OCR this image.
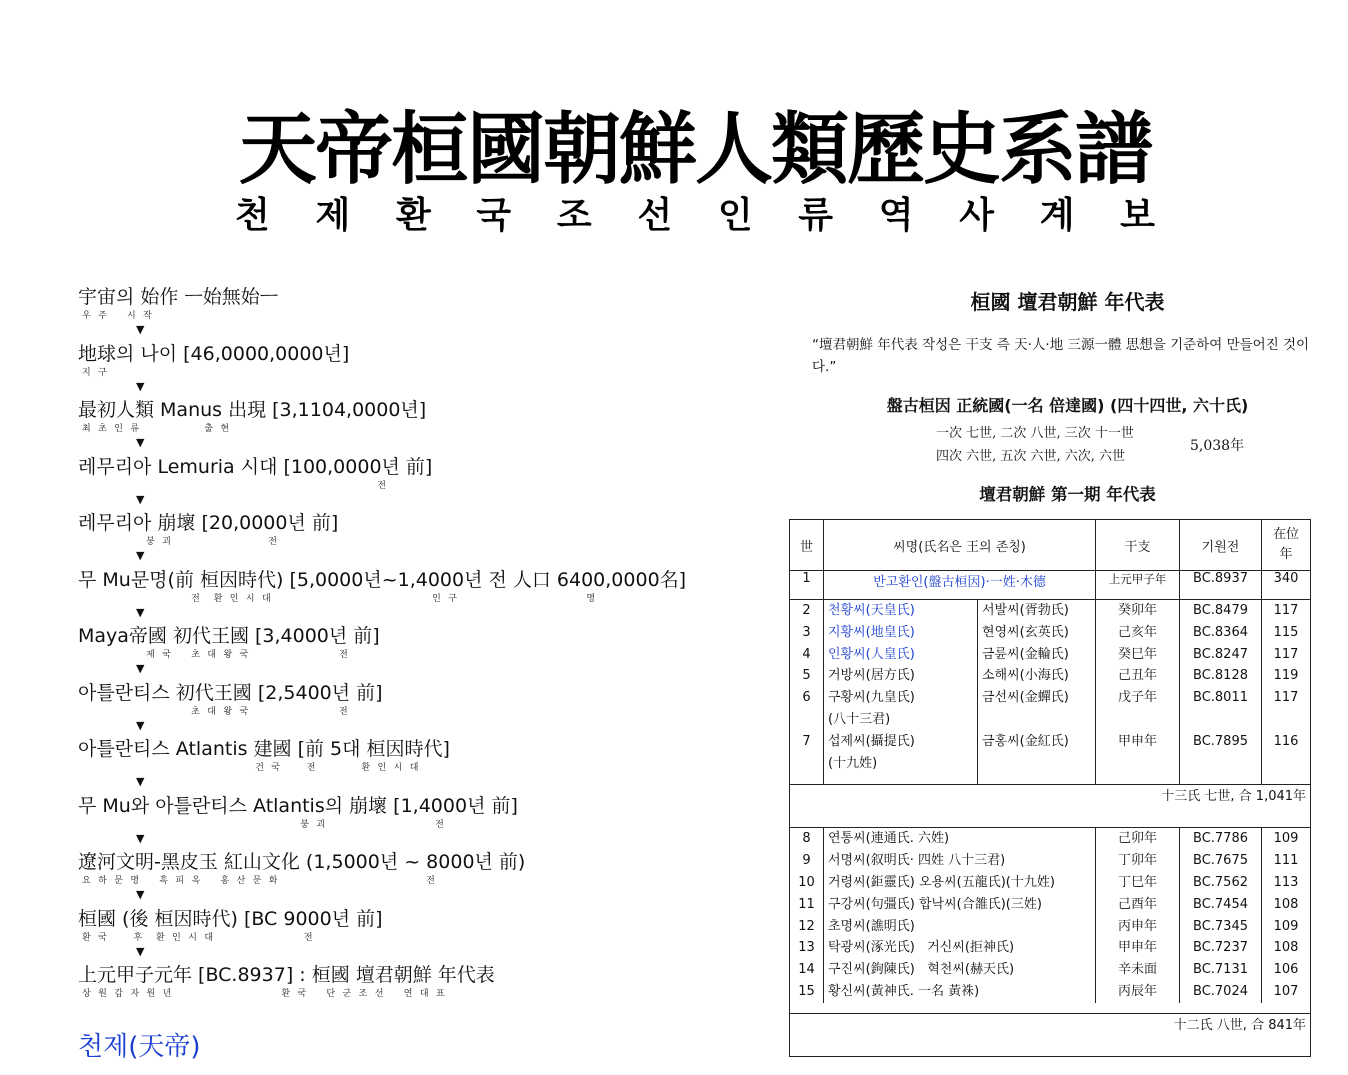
天帝桓國朝鮮人類歷史系譜
천 제 환 국 조 선 인 류 역 사 계 보
宇宙의 始作 ㅡ始無始ㅡ
우 주   시 작
▼
地球의 나이 [46,0000,0000년]
지 구
▼
最初人類 Manus 出現 [3,1104,0000년]
최 초 인 류          출 현
▼
레무리아 Lemuria 시대 [100,0000년 前]
전
▼
레무리아 崩壞 [20,0000년 前]
붕 괴               전
▼
무 Mu문명(前 桓因時代) [5,0000년~1,4000년 전 人口 6400,0000名]
전  환 인 시 대                         인 구                    명
▼
Maya帝國 初代王國 [3,4000년 前]
제 국   초 대 왕 국              전
▼
아틀란티스 初代王國 [2,5400년 前]
초 대 왕 국              전
▼
아틀란티스 Atlantis 建國 [前 5대 桓因時代]
건 국    전       환 인 시 대
▼
무 Mu와 아틀란티스 Atlantis의 崩壞 [1,4000년 前]
붕 괴                 전
▼
遼河文明-黑皮玉 紅山文化 (1,5000년 ~ 8000년 前)
요 하 문 명   흑 피 옥   홍 산 문 화                       전
▼
桓國 (後 桓因時代) [BC 9000년 前]
환 국    후  환 인 시 대              전
▼
上元甲子元年 [BC.8937] : 桓國 壇君朝鮮 年代表
상 원 갑 자 원 년                 환 국   단 군 조 선   연 대 표
천제(天帝)
桓國 壇君朝鮮 年代表
“壇君朝鮮 年代表 작성은 干支 즉 天·人·地 三源一體 思想을 기준하여 만들어진 것이다.”
盤古桓因 正統國(一名 倍達國) (四十四世, 六十氏)
一次 七世, 二次 八世, 三次 十一世
四次 六世, 五次 六世, 六次, 六世
5,038年
壇君朝鮮 第一期 年代表
世	씨명(氏名은 王의 존칭)		干支	기원전	在位
年

1	반고환인(盤古桓因)·一姓·木德		上元甲子年	BC.8937	340
2	천황씨(天皇氏)	서발씨(胥勃氏)	癸卯年	BC.8479	117
3	지황씨(地皇氏)	현영씨(玄英氏)	己亥年	BC.8364	115
4	인황씨(人皇氏)	금륜씨(金輪氏)	癸巳年	BC.8247	117
5	거방씨(居方氏)	소해씨(小海氏)	己丑年	BC.8128	119
6	구황씨(九皇氏)	금선씨(金蟬氏)	戊子年	BC.8011	117
	(八十三君)				
7	섭제씨(攝提氏)	금홍씨(金紅氏)	甲申年	BC.7895	116
	(十九姓)				

十三氏 七世, 合 1,041年					
8	연통씨(連通氏. 六姓)		己卯年	BC.7786	109
9	서명씨(叙明氏· 四姓 八十三君)		丁卯年	BC.7675	111
10	거령씨(鉅靈氏) 오용씨(五龍氏)(十九姓)		丁巳年	BC.7562	113
11	구강씨(句彊氏) 합낙씨(合雒氏)(三姓)		己酉年	BC.7454	108
12	초명씨(譙明氏)		丙申年	BC.7345	109
13	탁광씨(涿光氏)   거신씨(拒神氏)		甲申年	BC.7237	108
14	구진씨(鉤陳氏)   혁천씨(赫天氏)		辛未面	BC.7131	106
15	황신씨(黃神氏. 一名 黃袾)		丙辰年	BC.7024	107

十二氏 八世, 合 841年					
